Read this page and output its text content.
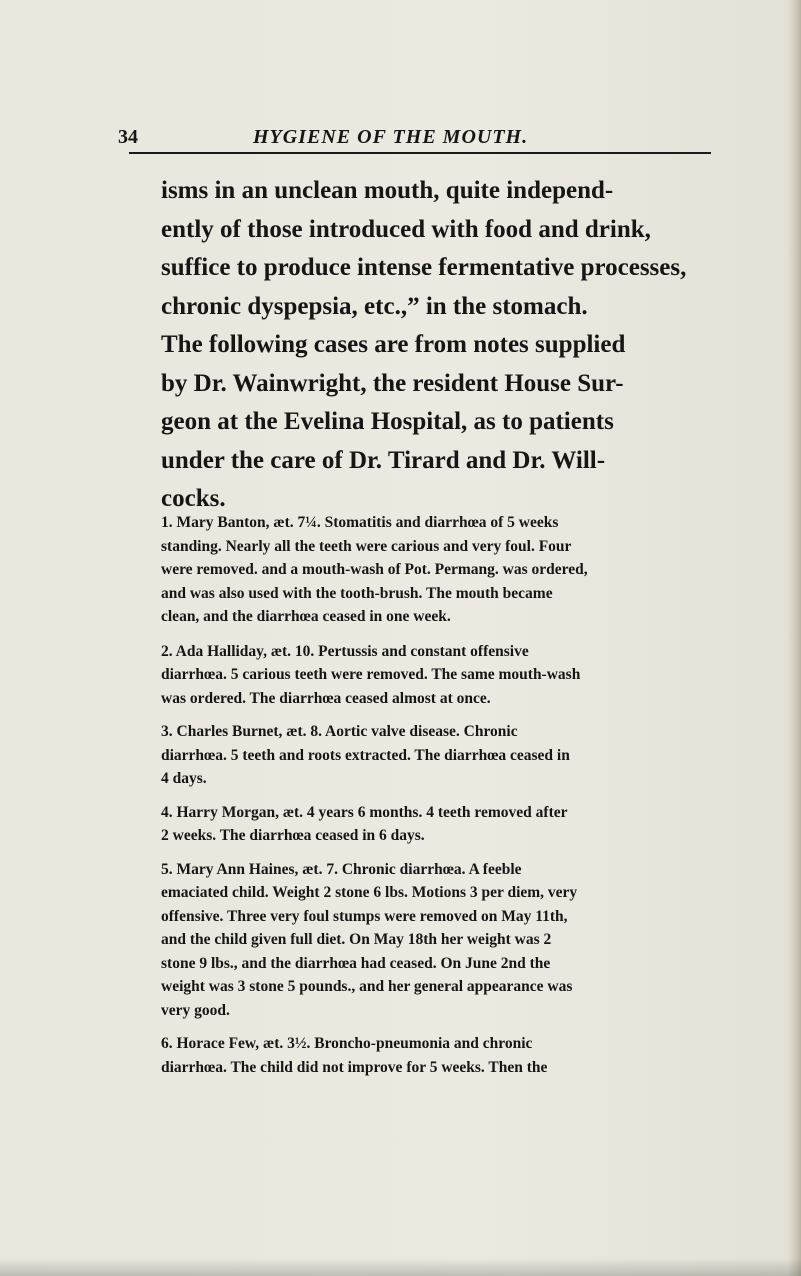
34	HYGIENE OF THE MOUTH.

isms in an unclean mouth, quite independ-

ently of those introduced with food and drink,

suffice to produce intense fermentative processes,

chronic dyspepsia, etc.,” in the stomach.

The following cases are from notes supplied

by Dr. Wainwright, the resident House Sur-

geon at the Evelina Hospital, as to patients

under the care of Dr. Tirard and Dr. Will-

cocks.

1. Mary Banton, æt. 7¼. Stomatitis and diarrhœa of 5 weeks
standing. Nearly all the teeth were carious and very foul. Four
were removed. and a mouth-wash of Pot. Permang. was ordered,
and was also used with the tooth-brush. The mouth became
clean, and the diarrhœa ceased in one week.
2. Ada Halliday, æt. 10. Pertussis and constant offensive
diarrhœa. 5 carious teeth were removed. The same mouth-wash
was ordered. The diarrhœa ceased almost at once.
3. Charles Burnet, æt. 8. Aortic valve disease. Chronic
diarrhœa. 5 teeth and roots extracted. The diarrhœa ceased in
4 days.
4. Harry Morgan, æt. 4 years 6 months. 4 teeth removed after
2 weeks. The diarrhœa ceased in 6 days.
5. Mary Ann Haines, æt. 7. Chronic diarrhœa. A feeble
emaciated child. Weight 2 stone 6 lbs. Motions 3 per diem, very
offensive. Three very foul stumps were removed on May 11th,
and the child given full diet. On May 18th her weight was 2
stone 9 lbs., and the diarrhœa had ceased. On June 2nd the
weight was 3 stone 5 pounds., and her general appearance was
very good.
6. Horace Few, æt. 3½. Broncho-pneumonia and chronic
diarrhœa. The child did not improve for 5 weeks. Then the
